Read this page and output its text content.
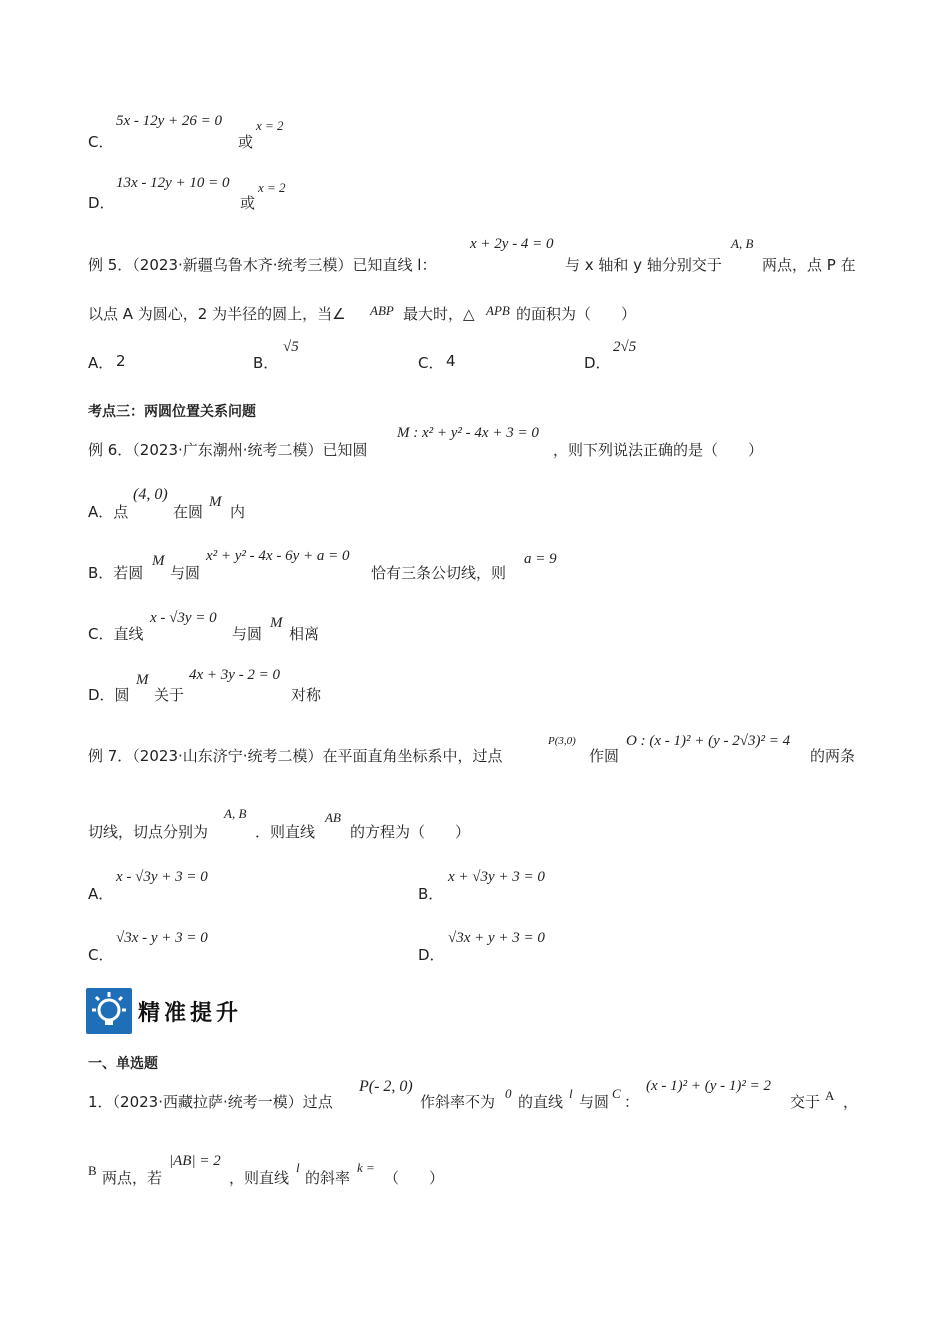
5x - 12y + 26 = 0	x = 2
C．	或
13x - 12y + 10 = 0 x = 2
D．	或
例 5．（2023·新疆乌鲁木齐·统考三模）已知直线 l：
x + 2y - 4 = 0
与 x 轴和 y 轴分别交于
A, B
两点，点 P 在
以点 A 为圆心，2 为半径的圆上，当∠ ABP 最大时，△ APB 的面积为（　　）
A． 2	B．
√5
C． 4	D．
2√5
考点三：两圆位置关系问题
例 6．（2023·广东潮州·统考二模）已知圆
M : x² + y² - 4x + 3 = 0
，则下列说法正确的是（　　）
A．点
(4, 0)
在圆
M
内
B．若圆
M
与圆
x² + y² - 4x - 6y + a = 0
恰有三条公切线，则
a = 9
C．直线
x - √3y = 0
与圆
M
相离
D．圆
M
关于
4x + 3y - 2 = 0
对称
例 7．（2023·山东济宁·统考二模）在平面直角坐标系中，过点
P(3,0)
作圆
O : (x - 1)² + (y - 2√3)² = 4
的两条
切线，切点分别为
A, B
．则直线
AB
的方程为（　　）
A．
x - √3y + 3 = 0
B．
x + √3y + 3 = 0
C．
√3x - y + 3 = 0
D．
√3x + y + 3 = 0
精准提升
一、单选题
1．（2023·西藏拉萨·统考一模）过点
P(- 2, 0)
作斜率不为 0 的直线 l 与圆 C ：
(x - 1)² + (y - 1)² = 2
交于 A ，
B 两点，若
|AB| = 2
，则直线
l
的斜率
k =
（　　）
